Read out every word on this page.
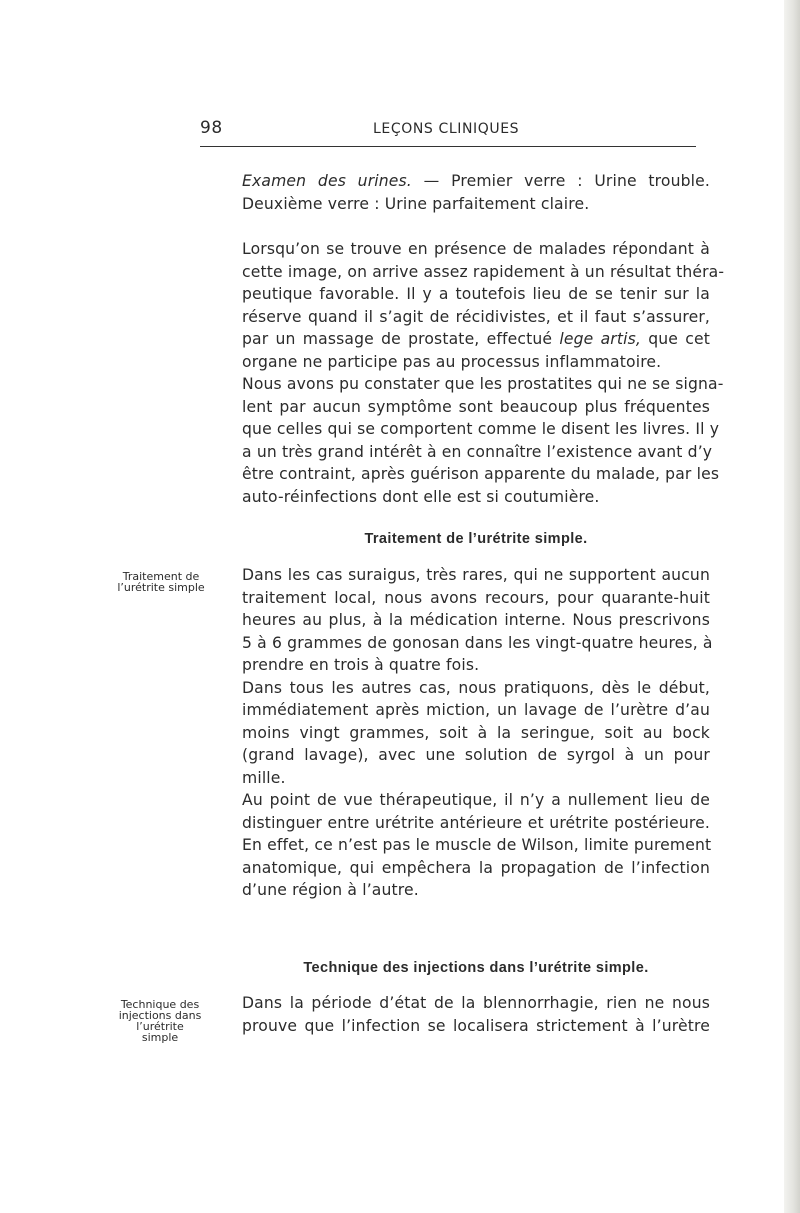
98	LEÇONS CLINIQUES

Examen des urines. — Premier verre : Urine trouble.
Deuxième verre : Urine parfaitement claire.

Lorsqu’on se trouve en présence de malades répondant à
cette image, on arrive assez rapidement à un résultat théra-
peutique favorable. Il y a toutefois lieu de se tenir sur la
réserve quand il s’agit de récidivistes, et il faut s’assurer,
par un massage de prostate, effectué lege artis, que cet
organe ne participe pas au processus inflammatoire.
Nous avons pu constater que les prostatites qui ne se signa-
lent par aucun symptôme sont beaucoup plus fréquentes
que celles qui se comportent comme le disent les livres. Il y
a un très grand intérêt à en connaître l’existence avant d’y
être contraint, après guérison apparente du malade, par les
auto-réinfections dont elle est si coutumière.

Traitement de l’urétrite simple.
Traitement de
l’urétrite simple

Dans les cas suraigus, très rares, qui ne supportent aucun
traitement local, nous avons recours, pour quarante-huit
heures au plus, à la médication interne. Nous prescrivons
5 à 6 grammes de gonosan dans les vingt-quatre heures, à
prendre en trois à quatre fois.
Dans tous les autres cas, nous pratiquons, dès le début,
immédiatement après miction, un lavage de l’urètre d’au
moins vingt grammes, soit à la seringue, soit au bock
(grand lavage), avec une solution de syrgol à un pour
mille.
Au point de vue thérapeutique, il n’y a nullement lieu de
distinguer entre urétrite antérieure et urétrite postérieure.
En effet, ce n’est pas le muscle de Wilson, limite purement
anatomique, qui empêchera la propagation de l’infection
d’une région à l’autre.

Technique des injections dans l’urétrite simple.
Technique des
injections dans
l’urétrite simple

Dans la période d’état de la blennorrhagie, rien ne nous
prouve que l’infection se localisera strictement à l’urètre
